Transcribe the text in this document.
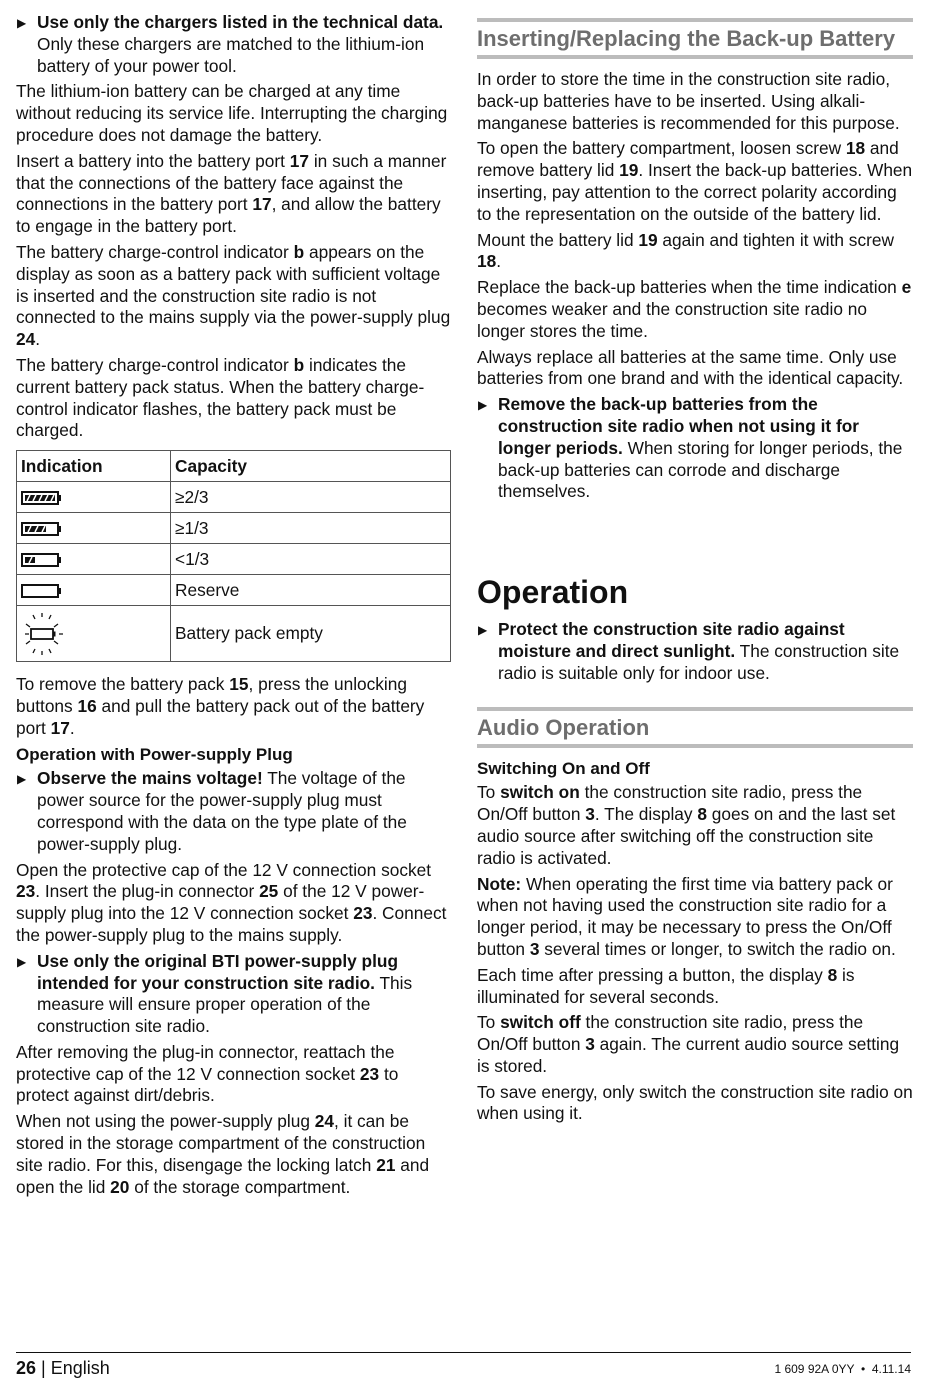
▶ Use only the chargers listed in the technical data. Only these chargers are matched to the lithium-ion battery of your power tool.

The lithium-ion battery can be charged at any time without reducing its service life. Interrupting the charging procedure does not damage the battery.

Insert a battery into the battery port 17 in such a manner that the connections of the battery face against the connections in the battery port 17, and allow the battery to engage in the battery port.

The battery charge-control indicator b appears on the display as soon as a battery pack with sufficient voltage is inserted and the construction site radio is not connected to the mains supply via the power-supply plug 24.

The battery charge-control indicator b indicates the current battery pack status. When the battery charge-control indicator flashes, the battery pack must be charged.

Indication	Capacity
	≥2/3
	≥1/3
	<1/3
	Reserve
	Battery pack empty

To remove the battery pack 15, press the unlocking buttons 16 and pull the battery pack out of the battery port 17.

Operation with Power-supply Plug

▶ Observe the mains voltage! The voltage of the power source for the power-supply plug must correspond with the data on the type plate of the power-supply plug.

Open the protective cap of the 12 V connection socket 23. Insert the plug-in connector 25 of the 12 V power-supply plug into the 12 V connection socket 23. Connect the power-supply plug to the mains supply.

▶ Use only the original BTI power-supply plug intended for your construction site radio. This measure will ensure proper operation of the construction site radio.

After removing the plug-in connector, reattach the protective cap of the 12 V connection socket 23 to protect against dirt/debris.

When not using the power-supply plug 24, it can be stored in the storage compartment of the construction site radio. For this, disengage the locking latch 21 and open the lid 20 of the storage compartment.

Inserting/Replacing the Back-up Battery

In order to store the time in the construction site radio, back-up batteries have to be inserted. Using alkali-manganese batteries is recommended for this purpose.

To open the battery compartment, loosen screw 18 and remove battery lid 19. Insert the back-up batteries. When inserting, pay attention to the correct polarity according to the representation on the outside of the battery lid.

Mount the battery lid 19 again and tighten it with screw 18.

Replace the back-up batteries when the time indication e becomes weaker and the construction site radio no longer stores the time.

Always replace all batteries at the same time. Only use batteries from one brand and with the identical capacity.

▶ Remove the back-up batteries from the construction site radio when not using it for longer periods. When storing for longer periods, the back-up batteries can corrode and discharge themselves.

Operation

▶ Protect the construction site radio against moisture and direct sunlight. The construction site radio is suitable only for indoor use.

Audio Operation
Switching On and Off

To switch on the construction site radio, press the On/Off button 3. The display 8 goes on and the last set audio source after switching off the construction site radio is activated.

Note: When operating the first time via battery pack or when not having used the construction site radio for a longer period, it may be necessary to press the On/Off button 3 several times or longer, to switch the radio on.

Each time after pressing a button, the display 8 is illuminated for several seconds.

To switch off the construction site radio, press the On/Off button 3 again. The current audio source setting is stored.

To save energy, only switch the construction site radio on when using it.

26 | English	1 609 92A 0YY  •  4.11.14
